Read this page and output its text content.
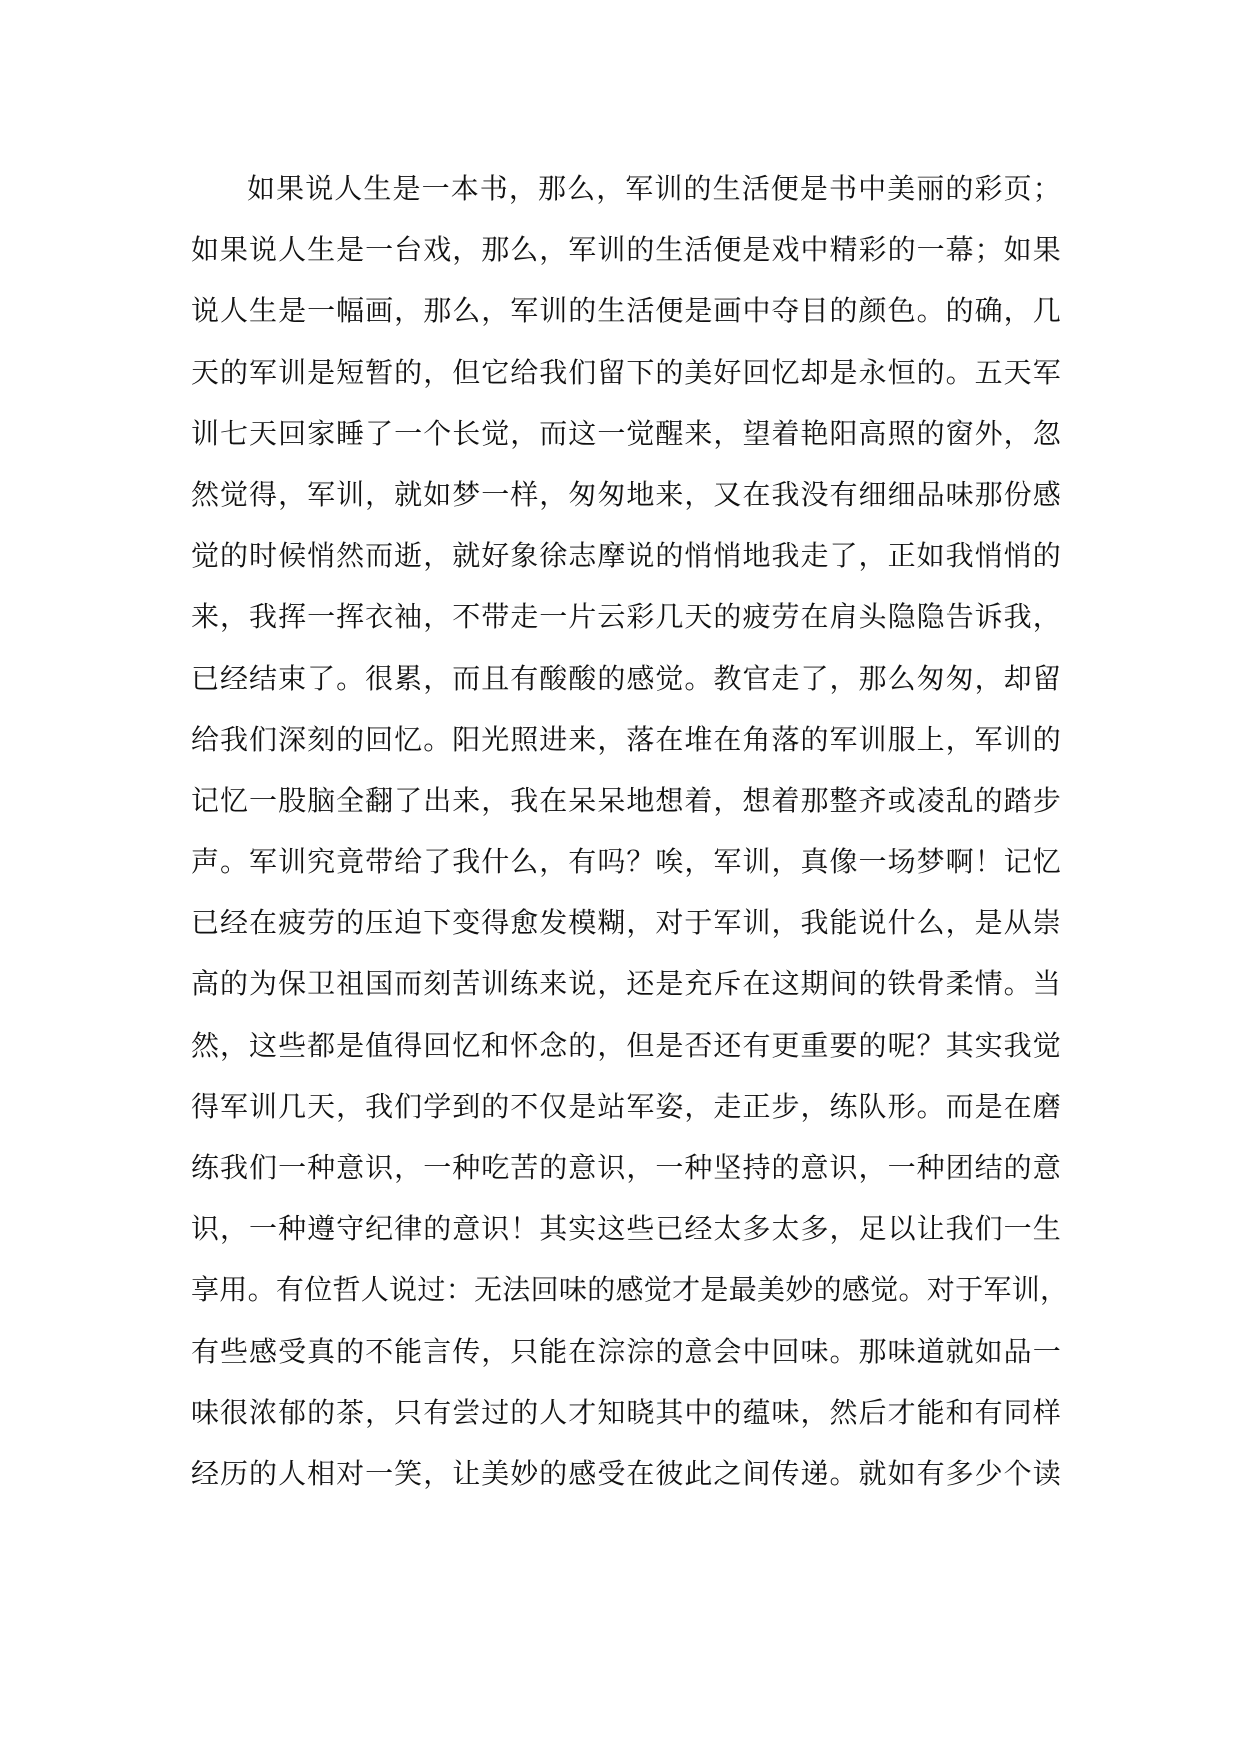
如果说人生是一本书，那么，军训的生活便是书中美丽的彩页；
如果说人生是一台戏，那么，军训的生活便是戏中精彩的一幕；如果
说人生是一幅画，那么，军训的生活便是画中夺目的颜色。的确，几
天的军训是短暂的，但它给我们留下的美好回忆却是永恒的。五天军
训七天回家睡了一个长觉，而这一觉醒来，望着艳阳高照的窗外，忽
然觉得，军训，就如梦一样，匆匆地来，又在我没有细细品味那份感
觉的时候悄然而逝，就好象徐志摩说的悄悄地我走了，正如我悄悄的
来，我挥一挥衣袖，不带走一片云彩几天的疲劳在肩头隐隐告诉我，
已经结束了。很累，而且有酸酸的感觉。教官走了，那么匆匆，却留
给我们深刻的回忆。阳光照进来，落在堆在角落的军训服上，军训的
记忆一股脑全翻了出来，我在呆呆地想着，想着那整齐或凌乱的踏步
声。军训究竟带给了我什么，有吗？唉，军训，真像一场梦啊！记忆
已经在疲劳的压迫下变得愈发模糊，对于军训，我能说什么，是从崇
高的为保卫祖国而刻苦训练来说，还是充斥在这期间的铁骨柔情。当
然，这些都是值得回忆和怀念的，但是否还有更重要的呢？其实我觉
得军训几天，我们学到的不仅是站军姿，走正步，练队形。而是在磨
练我们一种意识，一种吃苦的意识，一种坚持的意识，一种团结的意
识，一种遵守纪律的意识！其实这些已经太多太多，足以让我们一生
享用。有位哲人说过：无法回味的感觉才是最美妙的感觉。对于军训，
有些感受真的不能言传，只能在淙淙的意会中回味。那味道就如品一
味很浓郁的茶，只有尝过的人才知晓其中的蕴味，然后才能和有同样
经历的人相对一笑，让美妙的感受在彼此之间传递。就如有多少个读
